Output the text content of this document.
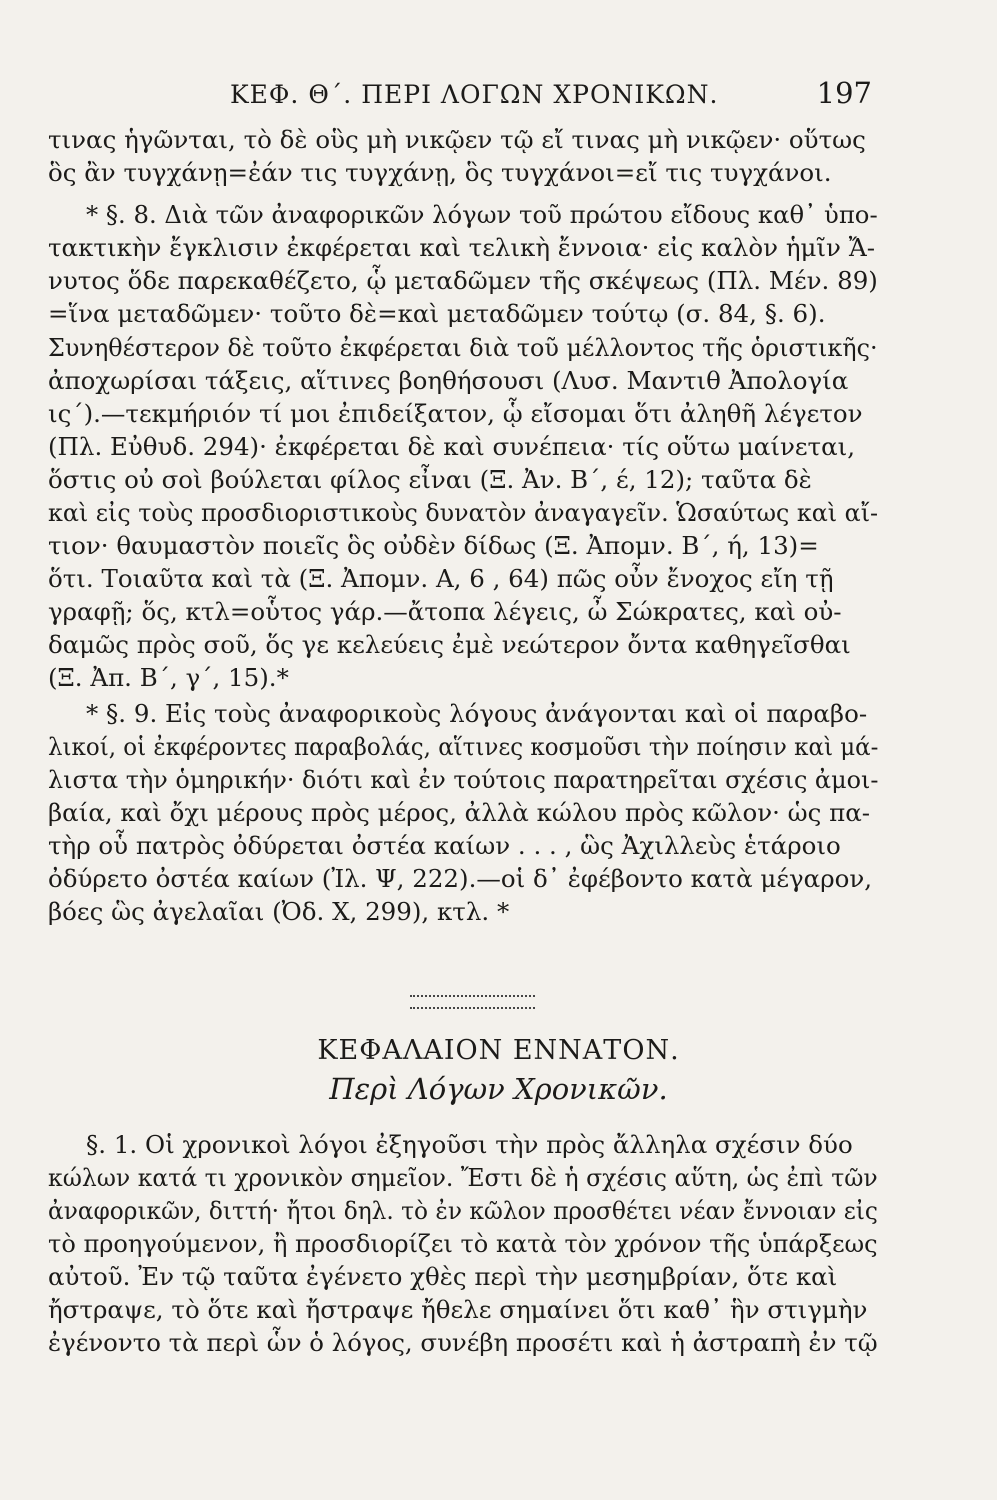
ΚΕΦ. Θ΄. ΠΕΡΙ ΛΟΓΩΝ ΧΡΟΝΙΚΩΝ.	197
τινας ἡγῶνται, τὸ δὲ οὓς μὴ νικῷεν τῷ εἴ τινας μὴ νικῷεν· οὕτως
ὃς ἂν τυγχάνῃ=ἐάν τις τυγχάνῃ, ὃς τυγχάνοι=εἴ τις τυγχάνοι.
* §. 8. Διὰ τῶν ἀναφορικῶν λόγων τοῦ πρώτου εἴδους καθ᾿ ὑπο-
τακτικὴν ἔγκλισιν ἐκφέρεται καὶ τελικὴ ἔννοια· εἰς καλὸν ἡμῖν Ἄ-
νυτος ὅδε παρεκαθέζετο, ᾧ μεταδῶμεν τῆς σκέψεως (Πλ. Μέν. 89)
=ἵνα μεταδῶμεν· τοῦτο δὲ=καὶ μεταδῶμεν τούτῳ (σ. 84, §. 6).
Συνηθέστερον δὲ τοῦτο ἐκφέρεται διὰ τοῦ μέλλοντος τῆς ὁριστικῆς·
ἀποχωρίσαι τάξεις, αἵτινες βοηθήσουσι (Λυσ. Μαντιθ Ἀπολογία
ις΄).—τεκμήριόν τί μοι ἐπιδείξατον, ᾧ εἴσομαι ὅτι ἀληθῆ λέγετον
(Πλ. Εὐθυδ. 294)· ἐκφέρεται δὲ καὶ συνέπεια· τίς οὕτω μαίνεται,
ὅστις οὐ σοὶ βούλεται φίλος εἶναι (Ξ. Ἀν. Β΄, έ, 12); ταῦτα δὲ
καὶ εἰς τοὺς προσδιοριστικοὺς δυνατὸν ἀναγαγεῖν. Ὡσαύτως καὶ αἴ-
τιον· θαυμαστὸν ποιεῖς ὃς οὐδὲν δίδως (Ξ. Ἀπομν. Β΄, ή, 13)=
ὅτι. Τοιαῦτα καὶ τὰ (Ξ. Ἀπομν. Α, 6 , 64) πῶς οὖν ἔνοχος εἴη τῇ
γραφῇ; ὅς, κτλ=οὗτος γάρ.—ἄτοπα λέγεις, ὦ Σώκρατες, καὶ οὐ-
δαμῶς πρὸς σοῦ, ὅς γε κελεύεις ἐμὲ νεώτερον ὄντα καθηγεῖσθαι
(Ξ. Ἀπ. Β΄, γ΄, 15).*
* §. 9. Εἰς τοὺς ἀναφορικοὺς λόγους ἀνάγονται καὶ οἱ παραβο-
λικοί, οἱ ἐκφέροντες παραβολάς, αἵτινες κοσμοῦσι τὴν ποίησιν καὶ μά-
λιστα τὴν ὁμηρικήν· διότι καὶ ἐν τούτοις παρατηρεῖται σχέσις ἀμοι-
βαία, καὶ ὄχι μέρους πρὸς μέρος, ἀλλὰ κώλου πρὸς κῶλον· ὡς πα-
τὴρ οὗ πατρὸς ὀδύρεται ὀστέα καίων . . . , ὣς Ἀχιλλεὺς ἑτάροιο
ὀδύρετο ὀστέα καίων (Ἰλ. Ψ, 222).—οἱ δ᾿ ἐφέβοντο κατὰ μέγαρον,
βόες ὣς ἀγελαῖαι (Ὀδ. Χ, 299), κτλ. *
ΚΕΦΑΛΑΙΟΝ ΕΝΝΑΤΟΝ.
Περὶ Λόγων Χρονικῶν.
§. 1. Οἱ χρονικοὶ λόγοι ἐξηγοῦσι τὴν πρὸς ἄλληλα σχέσιν δύο
κώλων κατά τι χρονικὸν σημεῖον. Ἔστι δὲ ἡ σχέσις αὕτη, ὡς ἐπὶ τῶν
ἀναφορικῶν, διττή· ἤτοι δηλ. τὸ ἐν κῶλον προσθέτει νέαν ἔννοιαν εἰς
τὸ προηγούμενον, ἢ προσδιορίζει τὸ κατὰ τὸν χρόνον τῆς ὑπάρξεως
αὐτοῦ. Ἐν τῷ ταῦτα ἐγένετο χθὲς περὶ τὴν μεσημβρίαν, ὅτε καὶ
ἤστραψε, τὸ ὅτε καὶ ἤστραψε ἤθελε σημαίνει ὅτι καθ᾿ ἣν στιγμὴν
ἐγένοντο τὰ περὶ ὧν ὁ λόγος, συνέβη προσέτι καὶ ἡ ἀστραπὴ ἐν τῷ
